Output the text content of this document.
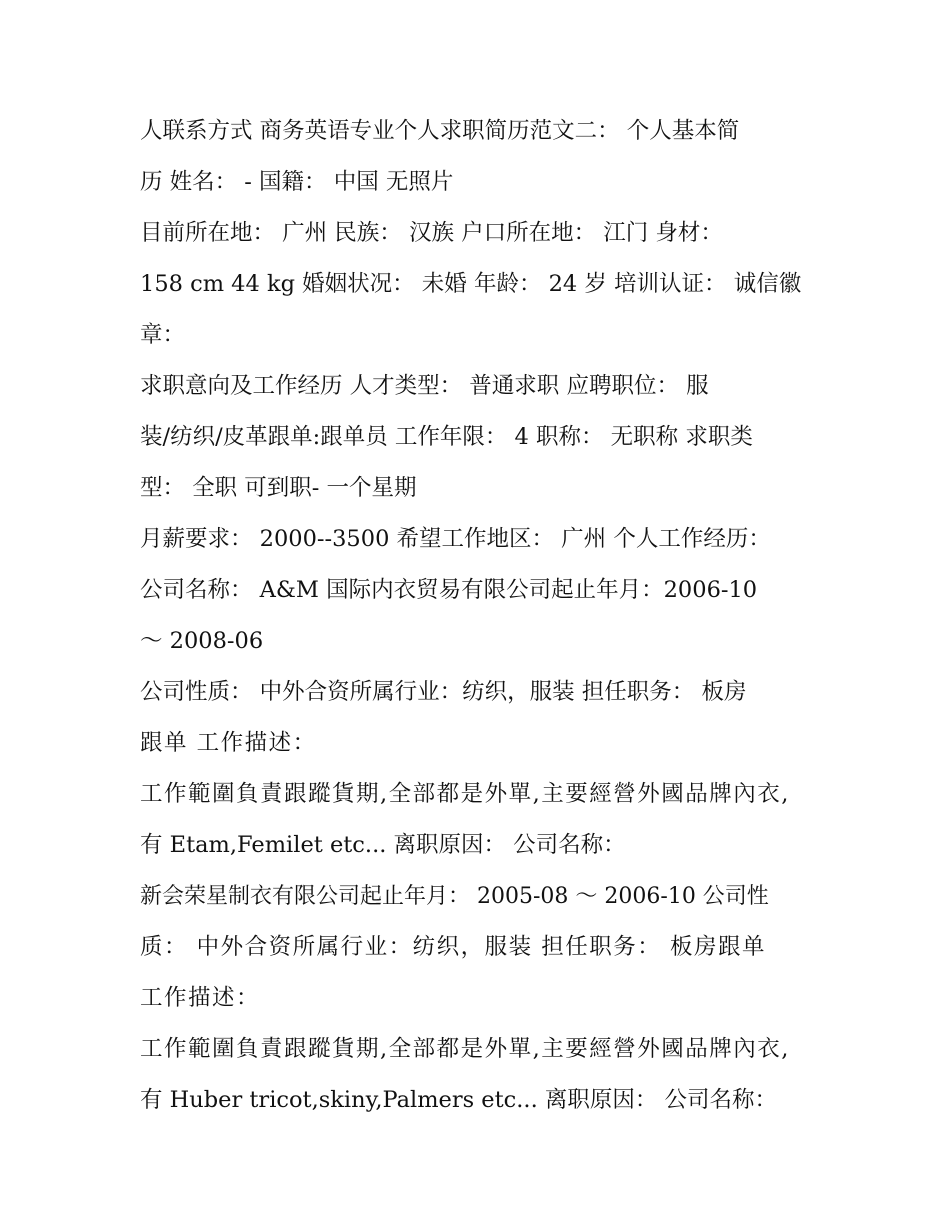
人联系方式 商务英语专业个人求职简历范文二： 个人基本简
历 姓名： - 国籍： 中国 无照片
目前所在地： 广州 民族： 汉族 户口所在地： 江门 身材：
158 cm 44 kg 婚姻状况： 未婚 年龄： 24 岁 培训认证： 诚信徽
章：
求职意向及工作经历 人才类型： 普通求职 应聘职位： 服
装/纺织/皮革跟单:跟单员 工作年限： 4 职称： 无职称 求职类
型： 全职 可到职- 一个星期
月薪要求： 2000--3500 希望工作地区： 广州 个人工作经历：
公司名称： A&M 国际内衣贸易有限公司起止年月：2006-10
～ 2008-06
公司性质： 中外合资所属行业：纺织，服装 担任职务： 板房
跟单 工作描述：
工作範圍負責跟蹤貨期,全部都是外單,主要經營外國品牌內衣,
有 Etam,Femilet etc... 离职原因： 公司名称：
新会荣星制衣有限公司起止年月： 2005-08 ～ 2006-10 公司性
质： 中外合资所属行业：纺织，服装 担任职务： 板房跟单
工作描述：
工作範圍負責跟蹤貨期,全部都是外單,主要經營外國品牌內衣,
有 Huber tricot,skiny,Palmers etc... 离职原因： 公司名称：
